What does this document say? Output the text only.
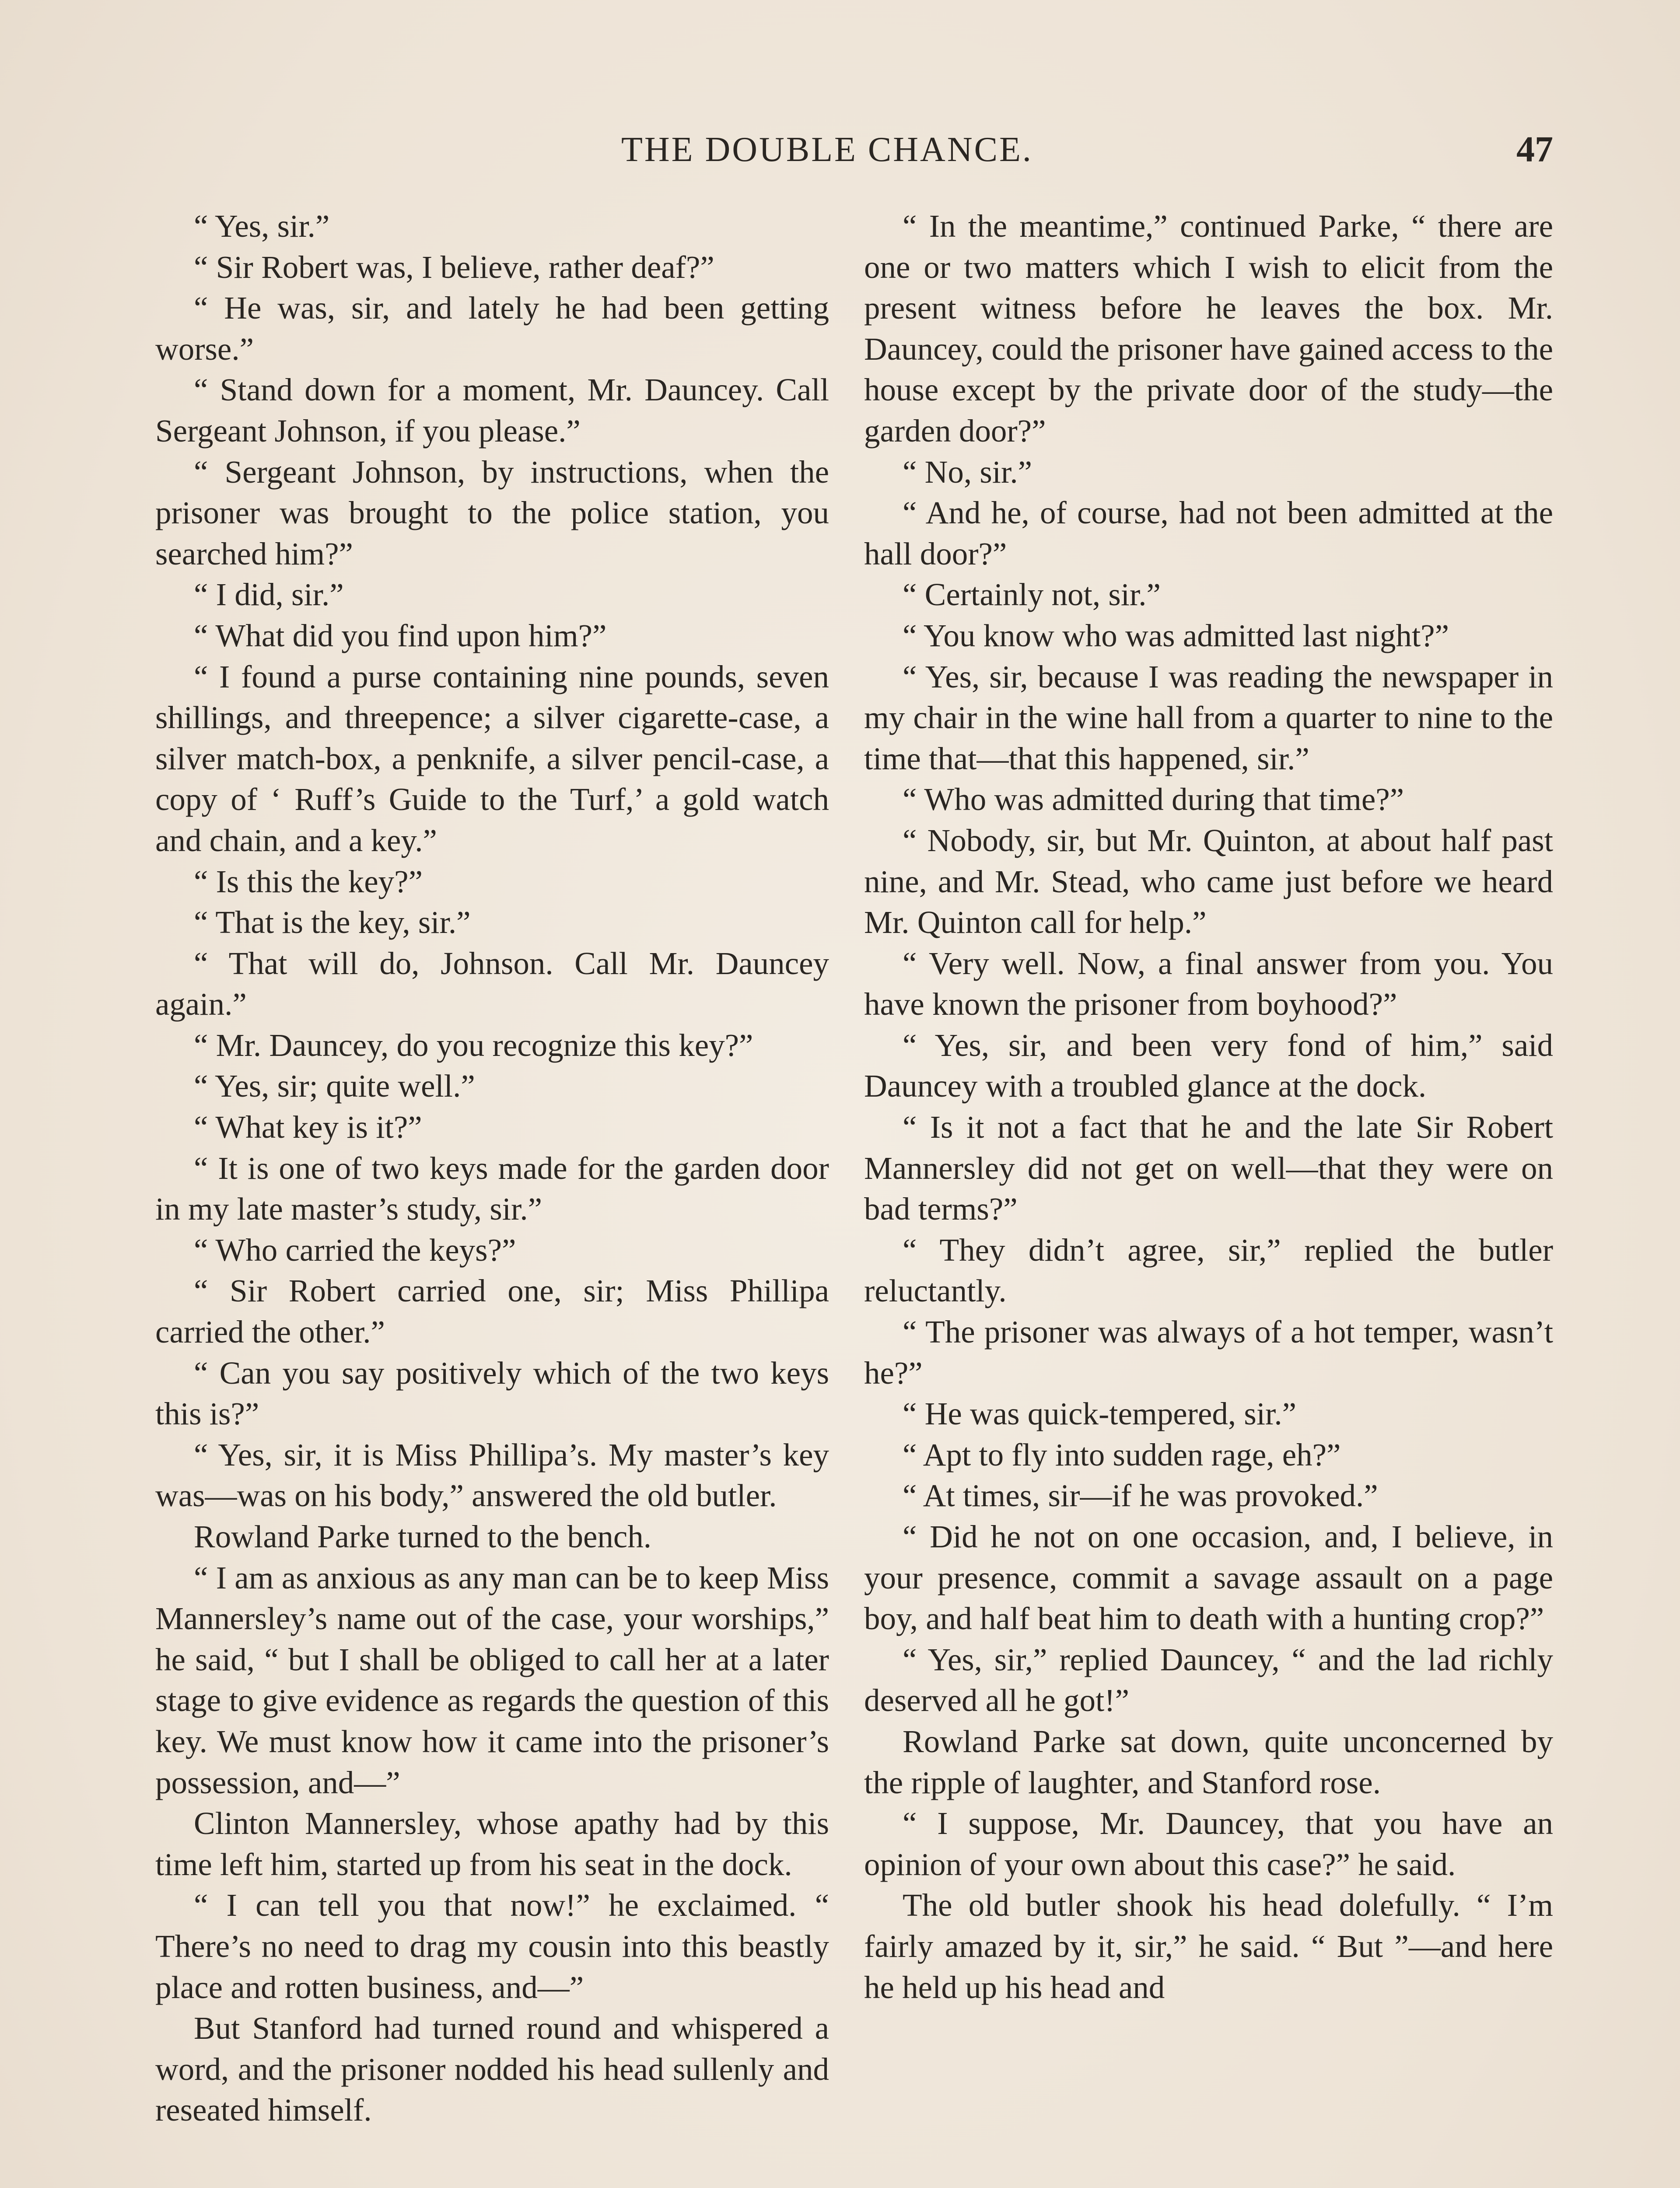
THE DOUBLE CHANCE.	47

“ Yes, sir.”

“ Sir Robert was, I believe, rather deaf?”

“ He was, sir, and lately he had been getting worse.”

“ Stand down for a moment, Mr. Dauncey. Call Sergeant Johnson, if you please.”

“ Sergeant Johnson, by instructions, when the prisoner was brought to the police station, you searched him?”

“ I did, sir.”

“ What did you find upon him?”

“ I found a purse containing nine pounds, seven shillings, and threepence; a silver cigarette-case, a silver match-box, a penknife, a silver pencil-case, a copy of ‘ Ruff’s Guide to the Turf,’ a gold watch and chain, and a key.”

“ Is this the key?”

“ That is the key, sir.”

“ That will do, Johnson. Call Mr. Dauncey again.”

“ Mr. Dauncey, do you recognize this key?”

“ Yes, sir; quite well.”

“ What key is it?”

“ It is one of two keys made for the garden door in my late master’s study, sir.”

“ Who carried the keys?”

“ Sir Robert carried one, sir; Miss Phillipa carried the other.”

“ Can you say positively which of the two keys this is?”

“ Yes, sir, it is Miss Phillipa’s. My master’s key was—was on his body,” answered the old butler.

Rowland Parke turned to the bench.

“ I am as anxious as any man can be to keep Miss Mannersley’s name out of the case, your worships,” he said, “ but I shall be obliged to call her at a later stage to give evidence as regards the question of this key. We must know how it came into the prisoner’s possession, and—”

Clinton Mannersley, whose apathy had by this time left him, started up from his seat in the dock.

“ I can tell you that now!” he exclaimed. “ There’s no need to drag my cousin into this beastly place and rotten business, and—”

But Stanford had turned round and whispered a word, and the prisoner nodded his head sullenly and reseated himself.

“ In the meantime,” continued Parke, “ there are one or two matters which I wish to elicit from the present witness before he leaves the box. Mr. Dauncey, could the prisoner have gained access to the house except by the private door of the study—the garden door?”

“ No, sir.”

“ And he, of course, had not been admitted at the hall door?”

“ Certainly not, sir.”

“ You know who was admitted last night?”

“ Yes, sir, because I was reading the newspaper in my chair in the wine hall from a quarter to nine to the time that—that this happened, sir.”

“ Who was admitted during that time?”

“ Nobody, sir, but Mr. Quinton, at about half past nine, and Mr. Stead, who came just before we heard Mr. Quinton call for help.”

“ Very well. Now, a final answer from you. You have known the prisoner from boyhood?”

“ Yes, sir, and been very fond of him,” said Dauncey with a troubled glance at the dock.

“ Is it not a fact that he and the late Sir Robert Mannersley did not get on well—that they were on bad terms?”

“ They didn’t agree, sir,” replied the butler reluctantly.

“ The prisoner was always of a hot temper, wasn’t he?”

“ He was quick-tempered, sir.”

“ Apt to fly into sudden rage, eh?”

“ At times, sir—if he was provoked.”

“ Did he not on one occasion, and, I believe, in your presence, commit a savage assault on a page boy, and half beat him to death with a hunting crop?”

“ Yes, sir,” replied Dauncey, “ and the lad richly deserved all he got!”

Rowland Parke sat down, quite unconcerned by the ripple of laughter, and Stanford rose.

“ I suppose, Mr. Dauncey, that you have an opinion of your own about this case?” he said.

The old butler shook his head dolefully. “ I’m fairly amazed by it, sir,” he said. “ But ”—and here he held up his head and
